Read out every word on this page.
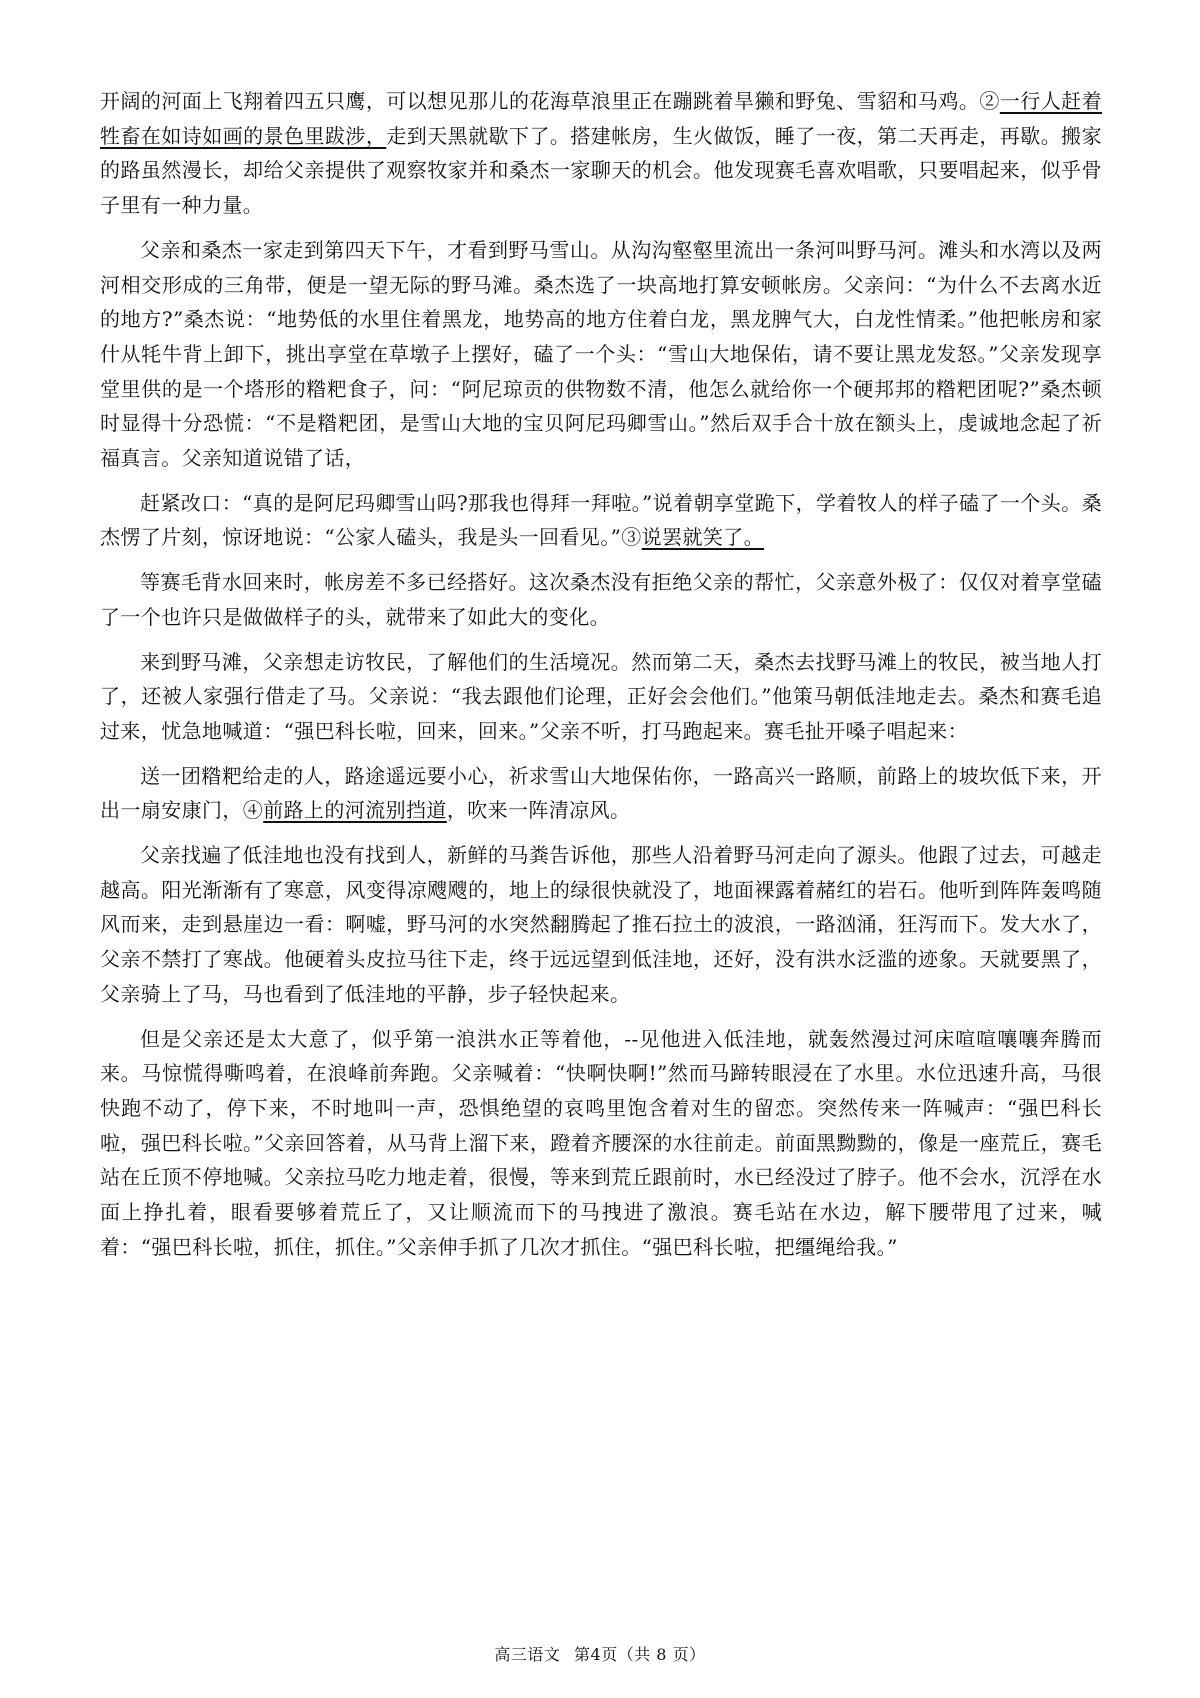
开阔的河面上飞翔着四五只鹰，可以想见那儿的花海草浪里正在蹦跳着旱獭和野兔、雪貂和马鸡。②一行人赶着牲畜在如诗如画的景色里跋涉，走到天黑就歇下了。搭建帐房，生火做饭，睡了一夜，第二天再走，再歇。搬家的路虽然漫长，却给父亲提供了观察牧家并和桑杰一家聊天的机会。他发现赛毛喜欢唱歌，只要唱起来，似乎骨子里有一种力量。

父亲和桑杰一家走到第四天下午，才看到野马雪山。从沟沟壑壑里流出一条河叫野马河。滩头和水湾以及两河相交形成的三角带，便是一望无际的野马滩。桑杰选了一块高地打算安顿帐房。父亲问：“为什么不去离水近的地方?”桑杰说：“地势低的水里住着黑龙，地势高的地方住着白龙，黑龙脾气大，白龙性情柔。”他把帐房和家什从牦牛背上卸下，挑出享堂在草墩子上摆好，磕了一个头：“雪山大地保佑，请不要让黑龙发怒。”父亲发现享堂里供的是一个塔形的糌粑食子，问：“阿尼琼贡的供物数不清，他怎么就给你一个硬邦邦的糌粑团呢?”桑杰顿时显得十分恐慌：“不是糌粑团，是雪山大地的宝贝阿尼玛卿雪山。”然后双手合十放在额头上，虔诚地念起了祈福真言。父亲知道说错了话，

赶紧改口：“真的是阿尼玛卿雪山吗?那我也得拜一拜啦。”说着朝享堂跪下，学着牧人的样子磕了一个头。桑杰愣了片刻，惊讶地说：“公家人磕头，我是头一回看见。”③说罢就笑了。

等赛毛背水回来时，帐房差不多已经搭好。这次桑杰没有拒绝父亲的帮忙，父亲意外极了：仅仅对着享堂磕了一个也许只是做做样子的头，就带来了如此大的变化。

来到野马滩，父亲想走访牧民，了解他们的生活境况。然而第二天，桑杰去找野马滩上的牧民，被当地人打了，还被人家强行借走了马。父亲说：“我去跟他们论理，正好会会他们。”他策马朝低洼地走去。桑杰和赛毛追过来，忧急地喊道：“强巴科长啦，回来，回来。”父亲不听，打马跑起来。赛毛扯开嗓子唱起来：

送一团糌粑给走的人，路途遥远要小心，祈求雪山大地保佑你，一路高兴一路顺，前路上的坡坎低下来，开出一扇安康门，④前路上的河流别挡道，吹来一阵清凉风。

父亲找遍了低洼地也没有找到人，新鲜的马粪告诉他，那些人沿着野马河走向了源头。他跟了过去，可越走越高。阳光渐渐有了寒意，风变得凉飕飕的，地上的绿很快就没了，地面裸露着赭红的岩石。他听到阵阵轰鸣随风而来，走到悬崖边一看：啊嘘，野马河的水突然翻腾起了推石拉土的波浪，一路汹涌，狂泻而下。发大水了，父亲不禁打了寒战。他硬着头皮拉马往下走，终于远远望到低洼地，还好，没有洪水泛滥的迹象。天就要黑了，父亲骑上了马，马也看到了低洼地的平静，步子轻快起来。

但是父亲还是太大意了，似乎第一浪洪水正等着他，--见他进入低洼地，就轰然漫过河床喧喧嚷嚷奔腾而来。马惊慌得嘶鸣着，在浪峰前奔跑。父亲喊着：“快啊快啊!”然而马蹄转眼浸在了水里。水位迅速升高，马很快跑不动了，停下来，不时地叫一声，恐惧绝望的哀鸣里饱含着对生的留恋。突然传来一阵喊声：“强巴科长啦，强巴科长啦。”父亲回答着，从马背上溜下来，蹬着齐腰深的水往前走。前面黑黝黝的，像是一座荒丘，赛毛站在丘顶不停地喊。父亲拉马吃力地走着，很慢，等来到荒丘跟前时，水已经没过了脖子。他不会水，沉浮在水面上挣扎着，眼看要够着荒丘了，又让顺流而下的马拽进了激浪。赛毛站在水边，解下腰带甩了过来，喊着：“强巴科长啦，抓住，抓住。”父亲伸手抓了几次才抓住。“强巴科长啦，把缰绳给我。”

高三语文 第4页（共 8 页）
